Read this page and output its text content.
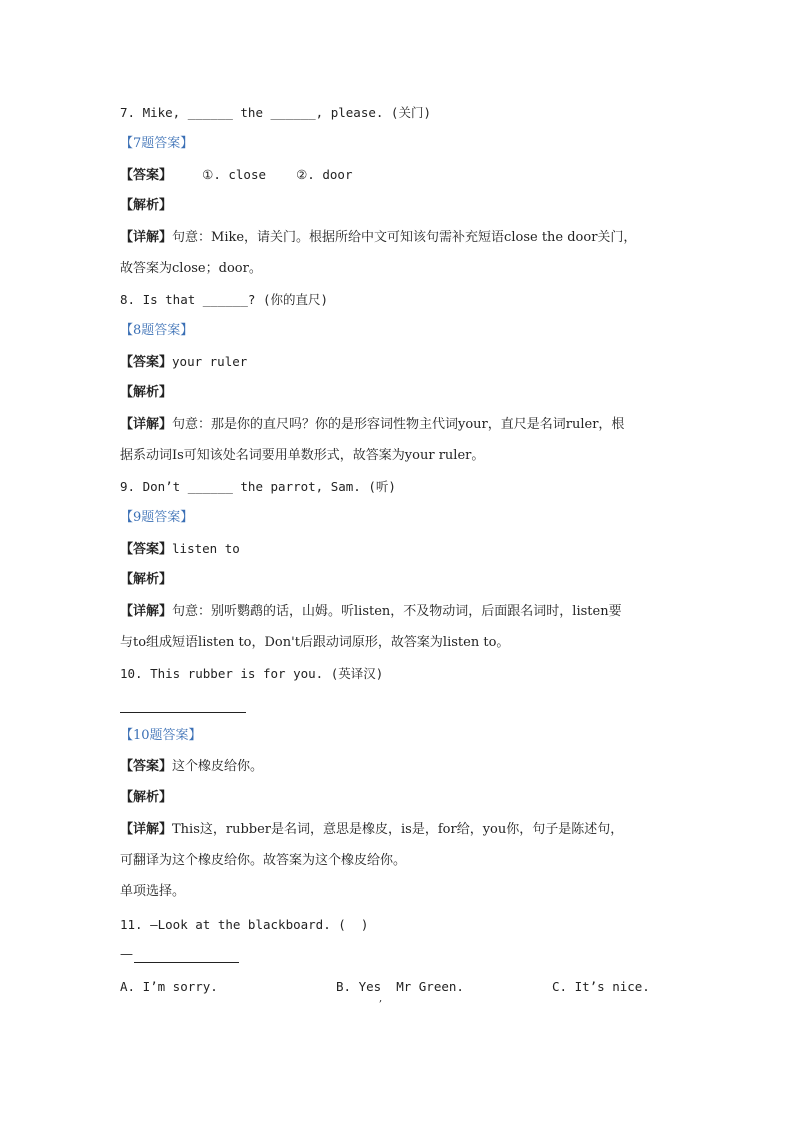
7. Mike, ______ the ______, please. (关门)
【7题答案】
【答案】    ①. close    ②. door
【解析】
【详解】句意：Mike，请关门。根据所给中文可知该句需补充短语close the door关门，
故答案为close；door。
8. Is that ______? (你的直尺)
【8题答案】
【答案】your ruler
【解析】
【详解】句意：那是你的直尺吗？你的是形容词性物主代词your，直尺是名词ruler，根
据系动词Is可知该处名词要用单数形式，故答案为your ruler。
9. Don’t ______ the parrot, Sam. (听)
【9题答案】
【答案】listen to
【解析】
【详解】句意：别听鹦鹉的话，山姆。听listen，不及物动词，后面跟名词时，listen要
与to组成短语listen to，Don't后跟动词原形，故答案为listen to。
10. This rubber is for you. (英译汉)
【10题答案】
【答案】这个橡皮给你。
【解析】
【详解】This这，rubber是名词，意思是橡皮，is是，for给，you你，句子是陈述句，
可翻译为这个橡皮给你。故答案为这个橡皮给你。
单项选择。
11. —Look at the blackboard. (  )
—
A. I’m sorry.	B. Yes  Mr Green.	C. It’s nice.
,
